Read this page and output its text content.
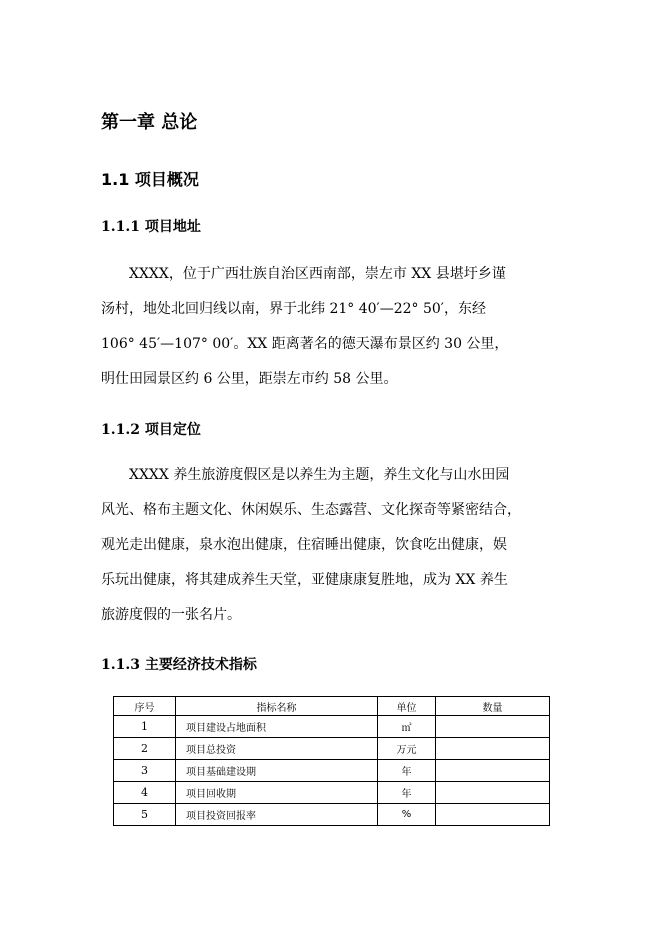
第一章 总论
1.1 项目概况
1.1.1 项目地址
XXXX，位于广西壮族自治区西南部，崇左市 XX 县堪圩乡谨
汤村，地处北回归线以南，界于北纬 21° 40′—22° 50′，东经
106° 45′—107° 00′。XX 距离著名的德天瀑布景区约 30 公里，
明仕田园景区约 6 公里，距崇左市约 58 公里。
1.1.2 项目定位
XXXX 养生旅游度假区是以养生为主题，养生文化与山水田园
风光、格布主题文化、休闲娱乐、生态露营、文化探奇等紧密结合，
观光走出健康，泉水泡出健康，住宿睡出健康，饮食吃出健康，娱
乐玩出健康，将其建成养生天堂，亚健康康复胜地，成为 XX 养生
旅游度假的一张名片。
1.1.3 主要经济技术指标
序号	指标名称	单位	数量
1	项目建设占地面积	㎡	
2	项目总投资	万元	
3	项目基础建设期	年	
4	项目回收期	年	
5	项目投资回报率	%	
